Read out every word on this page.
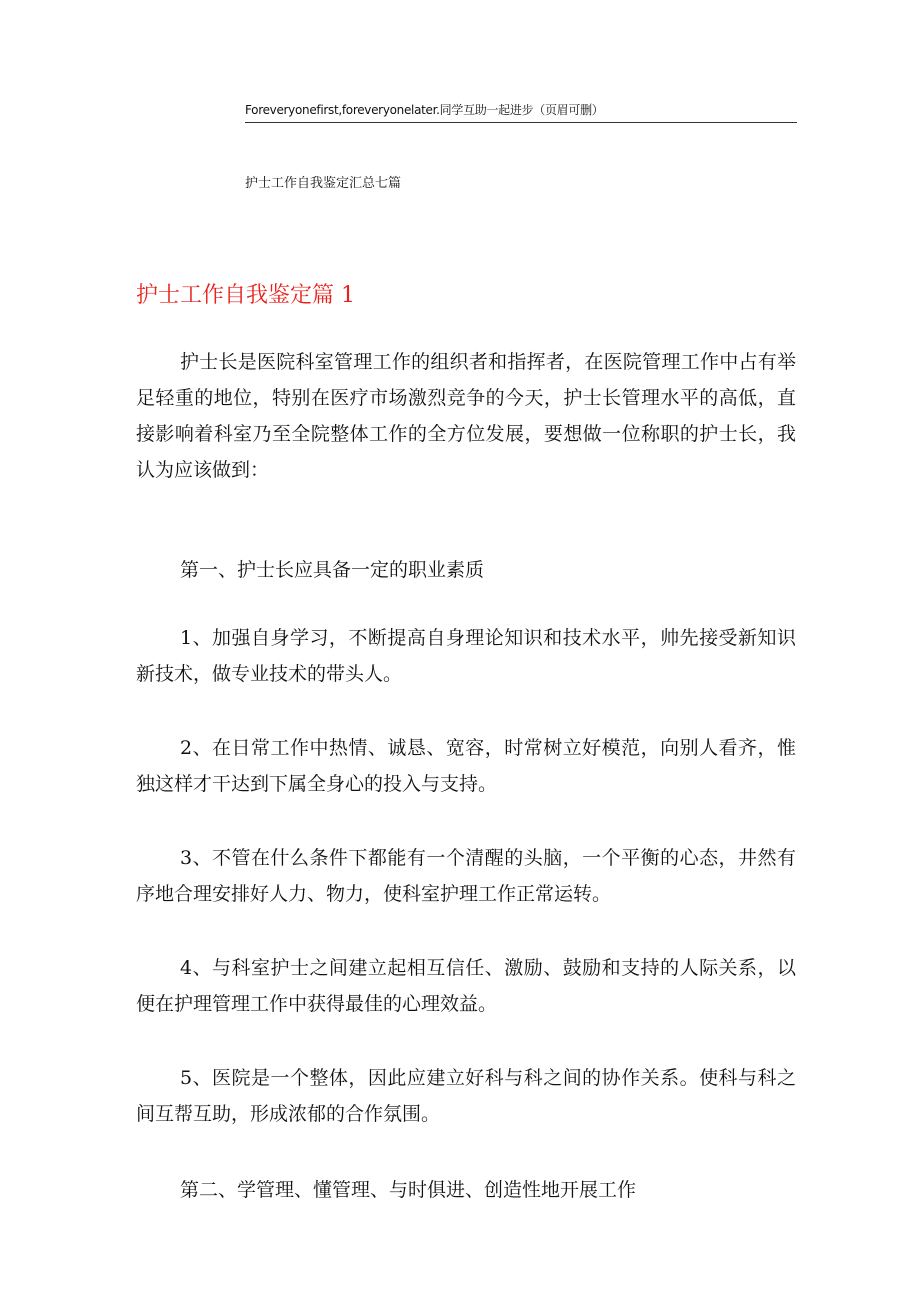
Foreveryonefirst,foreveryonelater.同学互助一起进步（页眉可删）
护士工作自我鉴定汇总七篇
护士工作自我鉴定篇 1

护士长是医院科室管理工作的组织者和指挥者，在医院管理工作中占有举足轻重的地位，特别在医疗市场激烈竞争的今天，护士长管理水平的高低，直接影响着科室乃至全院整体工作的全方位发展，要想做一位称职的护士长，我认为应该做到：

第一、护士长应具备一定的职业素质

1、加强自身学习，不断提高自身理论知识和技术水平，帅先接受新知识新技术，做专业技术的带头人。

2、在日常工作中热情、诚恳、宽容，时常树立好模范，向别人看齐，惟独这样才干达到下属全身心的投入与支持。

3、不管在什么条件下都能有一个清醒的头脑，一个平衡的心态，井然有序地合理安排好人力、物力，使科室护理工作正常运转。

4、与科室护士之间建立起相互信任、激励、鼓励和支持的人际关系，以便在护理管理工作中获得最佳的心理效益。

5、医院是一个整体，因此应建立好科与科之间的协作关系。使科与科之间互帮互助，形成浓郁的合作氛围。

第二、学管理、懂管理、与时俱进、创造性地开展工作
